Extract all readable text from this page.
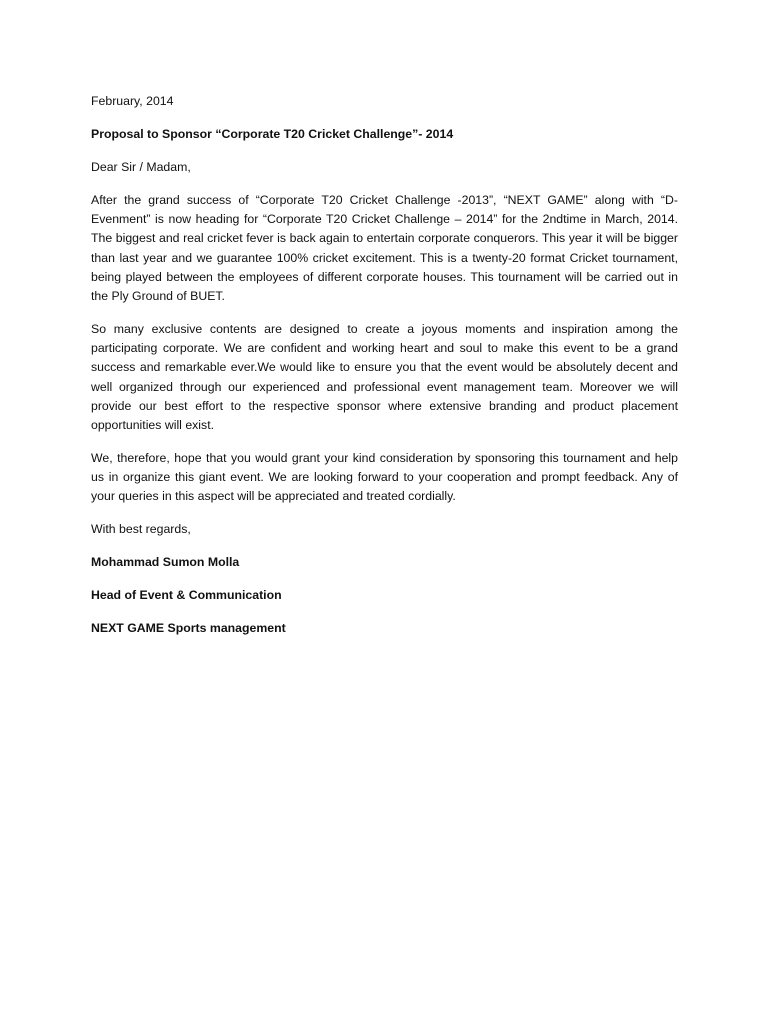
February, 2014

Proposal to Sponsor “Corporate T20 Cricket Challenge”- 2014

Dear Sir / Madam,

After the grand success of “Corporate T20 Cricket Challenge -2013”, “NEXT GAME” along with “D-Evenment” is now heading for “Corporate T20 Cricket Challenge – 2014” for the 2ndtime in March, 2014. The biggest and real cricket fever is back again to entertain corporate conquerors. This year it will be bigger than last year and we guarantee 100% cricket excitement. This is a twenty-20 format Cricket tournament, being played between the employees of different corporate houses. This tournament will be carried out in the Ply Ground of BUET.

So many exclusive contents are designed to create a joyous moments and inspiration among the participating corporate. We are confident and working heart and soul to make this event to be a grand success and remarkable ever.We would like to ensure you that the event would be absolutely decent and well organized through our experienced and professional event management team. Moreover we will provide our best effort to the respective sponsor where extensive branding and product placement opportunities will exist.

We, therefore, hope that you would grant your kind consideration by sponsoring this tournament and help us in organize this giant event. We are looking forward to your cooperation and prompt feedback. Any of your queries in this aspect will be appreciated and treated cordially.

With best regards,

Mohammad Sumon Molla

Head of Event & Communication

NEXT GAME Sports management
